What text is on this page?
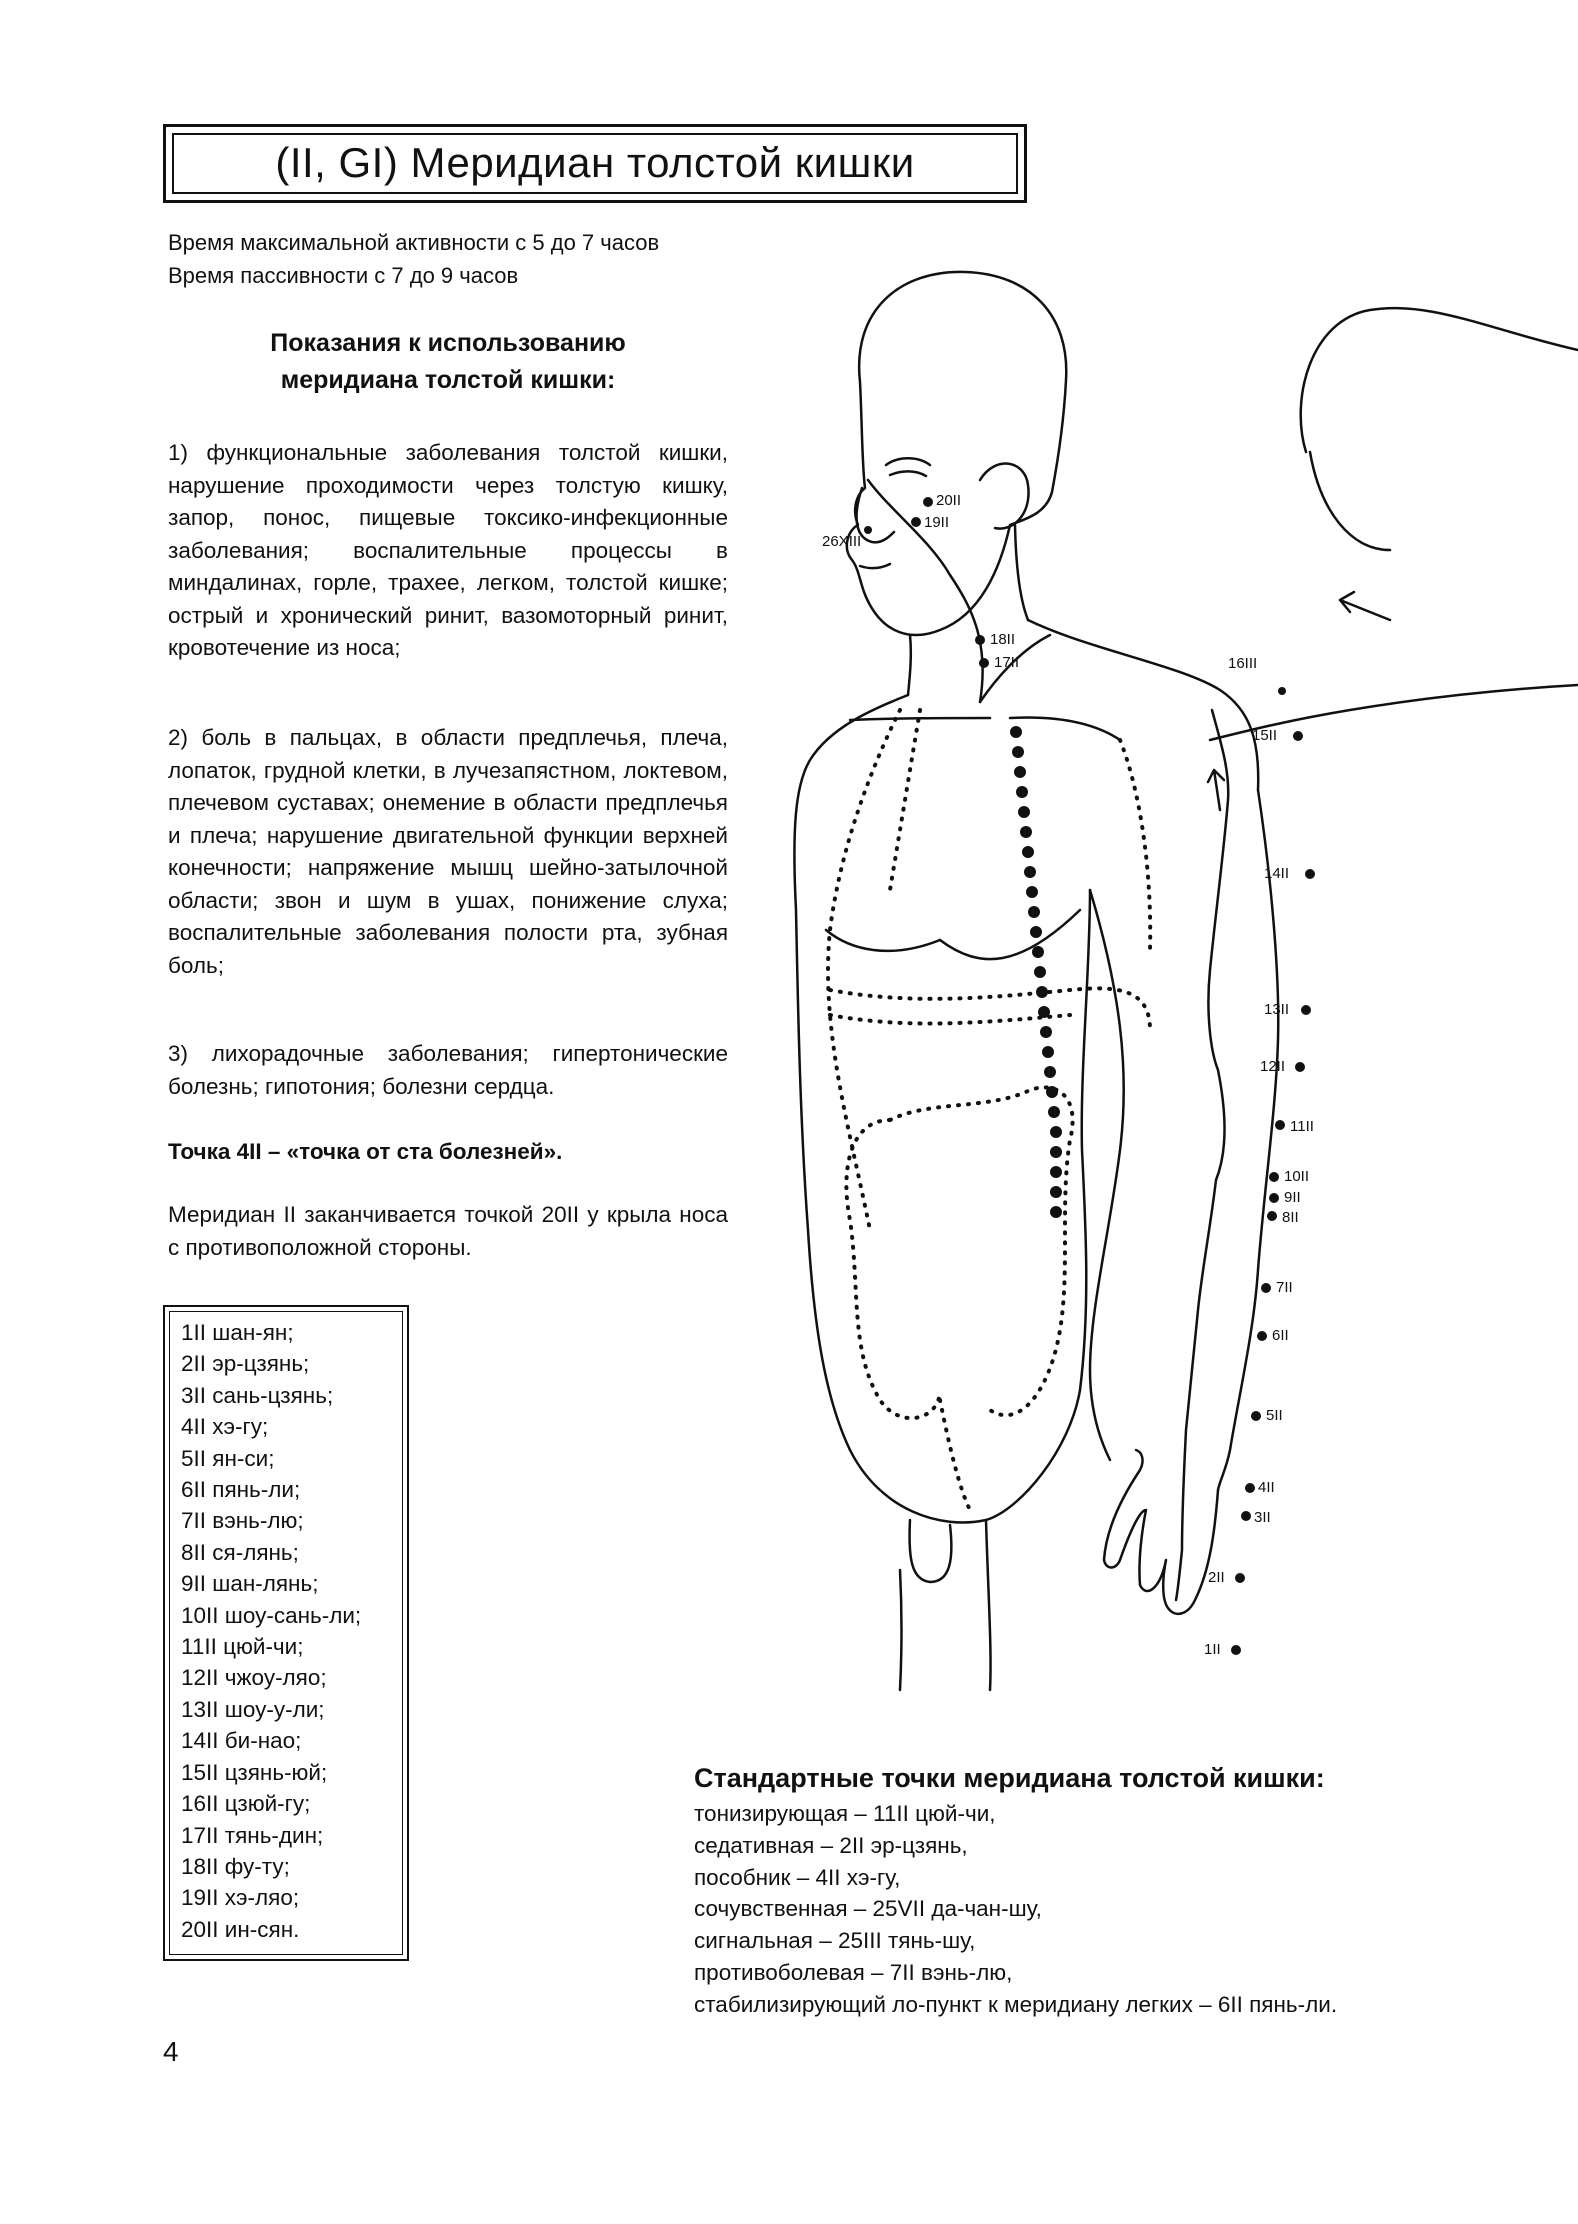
(II, GI) Меридиан толстой кишки
Время максимальной активности с 5 до 7 часов
Время пассивности с 7 до 9 часов
Показания к использованию
меридиана толстой кишки:
1) функциональные заболевания толстой кишки, нарушение проходимости через толстую кишку, запор, понос, пищевые токсико-инфекционные заболевания; воспалительные процессы в миндалинах, горле, трахее, легком, толстой кишке; острый и хронический ринит, вазомоторный ринит, кровотечение из носа;
2) боль в пальцах, в области предплечья, плеча, лопаток, грудной клетки, в лучезапястном, локтевом, плечевом суставах; онемение в области предплечья и плеча; нарушение двигательной функции верхней конечности; напряжение мышц шейно-затылочной области; звон и шум в ушах, понижение слуха; воспалительные заболевания полости рта, зубная боль;
3) лихорадочные заболевания; гипертонические болезнь; гипотония; болезни сердца.
Точка 4II – «точка от ста болезней».
Меридиан II заканчивается точкой 20II у крыла носа с противоположной стороны.
1II шан-ян;
2II эр-цзянь;
3II сань-цзянь;
4II хэ-гу;
5II ян-си;
6II пянь-ли;
7II вэнь-лю;
8II ся-лянь;
9II шан-лянь;
10II шоу-сань-ли;
11II цюй-чи;
12II чжоу-ляо;
13II шоу-у-ли;
14II би-нао;
15II цзянь-юй;
16II цзюй-гу;
17II тянь-дин;
18II фу-ту;
19II хэ-ляо;
20II ин-сян.
20II
19II
26XIII
18II
17II	16III
15II
14II
13II
12II
11II
10II
9II
8II
7II
6II
5II
4II
3II
2II
1II
Стандартные точки меридиана толстой кишки:
тонизирующая – 11II цюй-чи,
седативная – 2II эр-цзянь,
пособник – 4II хэ-гу,
сочувственная – 25VII да-чан-шу,
сигнальная – 25III тянь-шу,
противоболевая – 7II вэнь-лю,
стабилизирующий ло-пункт к меридиану легких – 6II пянь-ли.
4
